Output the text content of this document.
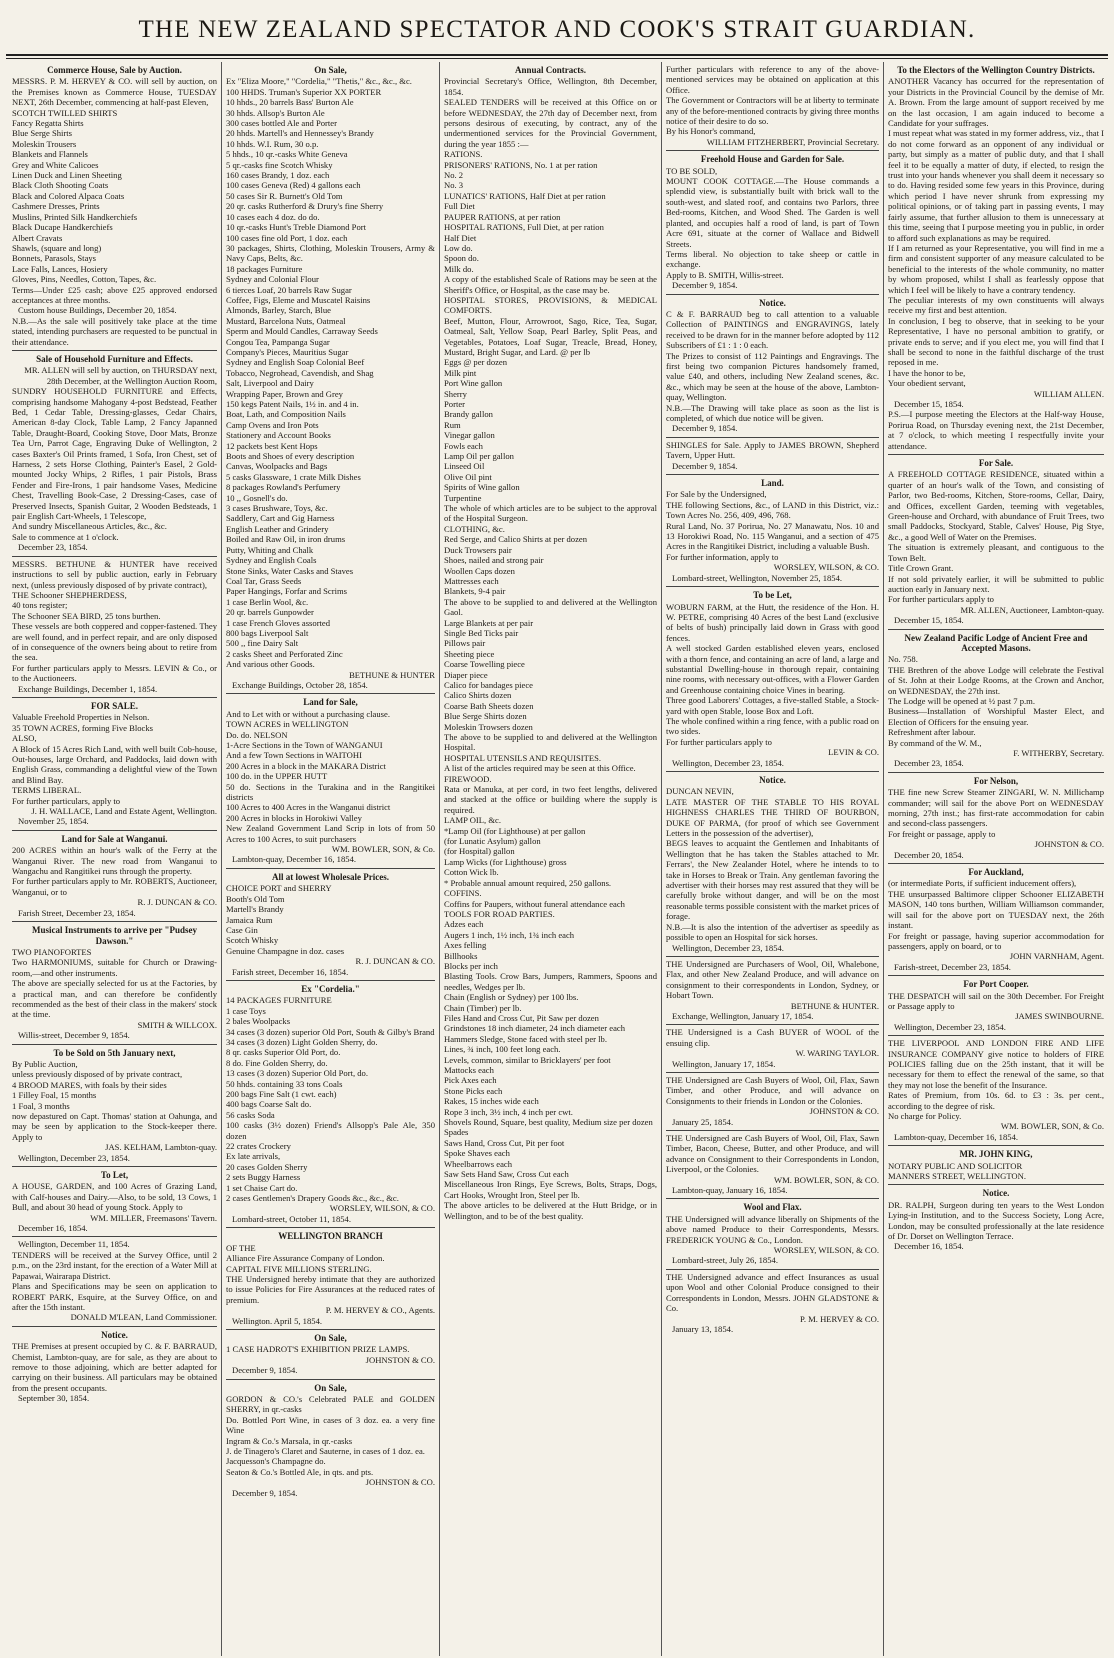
THE NEW ZEALAND SPECTATOR AND COOK'S STRAIT GUARDIAN.
Commerce House, Sale by Auction.

MESSRS. P. M. HERVEY & CO. will sell by auction, on the Premises known as Commerce House, TUESDAY NEXT, 26th December, commencing at half-past Eleven,

SCOTCH TWILLED SHIRTS

Fancy Regatta Shirts

Blue Serge Shirts

Moleskin Trousers

Blankets and Flannels

Grey and White Calicoes

Linen Duck and Linen Sheeting

Black Cloth Shooting Coats

Black and Colored Alpaca Coats

Cashmere Dresses, Prints

Muslins, Printed Silk Handkerchiefs

Black Ducape Handkerchiefs

Albert Cravats

Shawls, (square and long)

Bonnets, Parasols, Stays

Lace Falls, Lances, Hosiery

Gloves, Pins, Needles, Cotton, Tapes, &c.

Terms—Under £25 cash; above £25 approved endorsed acceptances at three months.

Custom house Buildings, December 20, 1854.

N.B.—As the sale will positively take place at the time stated, intending purchasers are requested to be punctual in their attendance.

Sale of Household Furniture and Effects.

MR. ALLEN will sell by auction, on THURSDAY next, 28th December, at the Wellington Auction Room,

SUNDRY HOUSEHOLD FURNITURE and Effects, comprising handsome Mahogany 4-post Bedstead, Feather Bed, 1 Cedar Table, Dressing-glasses, Cedar Chairs, American 8-day Clock, Table Lamp, 2 Fancy Japanned Table, Draught-Board, Cooking Stove, Door Mats, Bronze Tea Urn, Parrot Cage, Engraving Duke of Wellington, 2 cases Baxter's Oil Prints framed, 1 Sofa, Iron Chest, set of Harness, 2 sets Horse Clothing, Painter's Easel, 2 Gold-mounted Jocky Whips, 2 Rifles, 1 pair Pistols, Brass Fender and Fire-Irons, 1 pair handsome Vases, Medicine Chest, Travelling Book-Case, 2 Dressing-Cases, case of Preserved Insects, Spanish Guitar, 2 Wooden Bedsteads, 1 pair English Cart-Wheels, 1 Telescope,

And sundry Miscellaneous Articles, &c., &c.

Sale to commence at 1 o'clock.

December 23, 1854.

MESSRS. BETHUNE & HUNTER have received instructions to sell by public auction, early in February next, (unless previously disposed of by private contract),

THE Schooner SHEPHERDESS,

40 tons register;

The Schooner SEA BIRD, 25 tons burthen.

These vessels are both coppered and copper-fastened. They are well found, and in perfect repair, and are only disposed of in consequence of the owners being about to retire from the sea.

For further particulars apply to Messrs. LEVIN & Co., or to the Auctioneers.

Exchange Buildings, December 1, 1854.

FOR SALE.

Valuable Freehold Properties in Nelson.

35 TOWN ACRES, forming Five Blocks

ALSO,

A Block of 15 Acres Rich Land, with well built Cob-house, Out-houses, large Orchard, and Paddocks, laid down with English Grass, commanding a delightful view of the Town and Blind Bay.

TERMS LIBERAL.

For further particulars, apply to

J. H. WALLACE, Land and Estate Agent, Wellington.

November 25, 1854.

Land for Sale at Wanganui.

200 ACRES within an hour's walk of the Ferry at the Wanganui River. The new road from Wanganui to Wangachu and Rangitikei runs through the property.

For further particulars apply to Mr. ROBERTS, Auctioneer, Wanganui, or to

R. J. DUNCAN & CO.

Farish Street, December 23, 1854.

Musical Instruments to arrive per "Pudsey Dawson."

TWO PIANOFORTES

Two HARMONIUMS, suitable for Church or Drawing-room,—and other instruments.

The above are specially selected for us at the Factories, by a practical man, and can therefore be confidently recommended as the best of their class in the makers' stock at the time.

SMITH & WILLCOX.

Willis-street, December 9, 1854.

To be Sold on 5th January next,

By Public Auction,

unless previously disposed of by private contract,

4 BROOD MARES, with foals by their sides

1 Filley Foal, 15 months

1 Foal, 3 months

now depastured on Capt. Thomas' station at Oahunga, and may be seen by application to the Stock-keeper there. Apply to

JAS. KELHAM, Lambton-quay.

Wellington, December 23, 1854.

To Let,

A HOUSE, GARDEN, and 100 Acres of Grazing Land, with Calf-houses and Dairy.—Also, to be sold, 13 Cows, 1 Bull, and about 30 head of young Stock. Apply to

WM. MILLER, Freemasons' Tavern.

December 16, 1854.

Wellington, December 11, 1854.

TENDERS will be received at the Survey Office, until 2 p.m., on the 23rd instant, for the erection of a Water Mill at Papawai, Wairarapa District.

Plans and Specifications may be seen on application to ROBERT PARK, Esquire, at the Survey Office, on and after the 15th instant.

DONALD M'LEAN, Land Commissioner.

Notice.

THE Premises at present occupied by C. & F. BARRAUD, Chemist, Lambton-quay, are for sale, as they are about to remove to those adjoining, which are better adapted for carrying on their business. All particulars may be obtained from the present occupants.

September 30, 1854.

On Sale,

Ex "Eliza Moore," "Cordelia," "Thetis," &c., &c., &c.

100 HHDS. Truman's Superior XX PORTER

10 hhds., 20 barrels Bass' Burton Ale

30 hhds. Allsop's Burton Ale

300 cases bottled Ale and Porter

20 hhds. Martell's and Hennessey's Brandy

10 hhds. W.I. Rum, 30 o.p.

5 hhds., 10 qr.-casks White Geneva

5 qr.-casks fine Scotch Whisky

160 cases Brandy, 1 doz. each

100 cases Geneva (Red) 4 gallons each

50 cases Sir R. Burnett's Old Tom

20 qr. casks Rutherford & Drury's fine Sherry

10 cases each 4 doz. do do.

10 qr.-casks Hunt's Treble Diamond Port

100 cases fine old Port, 1 doz. each

30 packages, Shirts, Clothing, Moleskin Trousers, Army & Navy Caps, Belts, &c.

18 packages Furniture

Sydney and Colonial Flour

6 tierces Loaf, 20 barrels Raw Sugar

Coffee, Figs, Eleme and Muscatel Raisins

Almonds, Barley, Starch, Blue

Mustard, Barcelona Nuts, Oatmeal

Sperm and Mould Candles, Carraway Seeds

Congou Tea, Pampanga Sugar

Company's Pieces, Mauritius Sugar

Sydney and English Soap Colonial Beef

Tobacco, Negrohead, Cavendish, and Shag

Salt, Liverpool and Dairy

Wrapping Paper, Brown and Grey

150 kegs Patent Nails, 1½ in. and 4 in.

Boat, Lath, and Composition Nails

Camp Ovens and Iron Pots

Stationery and Account Books

12 packets best Kent Hops

Boots and Shoes of every description

Canvas, Woolpacks and Bags

5 casks Glassware, 1 crate Milk Dishes

8 packages Rowland's Perfumery

10 ,, Gosnell's do.

3 cases Brushware, Toys, &c.

Saddlery, Cart and Gig Harness

English Leather and Grindery

Boiled and Raw Oil, in iron drums

Putty, Whiting and Chalk

Sydney and English Coals

Stone Sinks, Water Casks and Staves

Coal Tar, Grass Seeds

Paper Hangings, Forfar and Scrims

1 case Berlin Wool, &c.

20 qr. barrels Gunpowder

1 case French Gloves assorted

800 bags Liverpool Salt

500 ,, fine Dairy Salt

2 casks Sheet and Perforated Zinc

And various other Goods.

BETHUNE & HUNTER

Exchange Buildings, October 28, 1854.

Land for Sale,

And to Let with or without a purchasing clause.

TOWN ACRES in WELLINGTON

Do. do. NELSON

1-Acre Sections in the Town of WANGANUI

And a few Town Sections in WAITOHI

200 Acres in a block in the MAKARA District

100 do. in the UPPER HUTT

50 do. Sections in the Turakina and in the Rangitikei districts

100 Acres to 400 Acres in the Wanganui district

200 Acres in blocks in Horokiwi Valley

New Zealand Government Land Scrip in lots of from 50 Acres to 100 Acres, to suit purchasers

WM. BOWLER, SON, & Co.

Lambton-quay, December 16, 1854.

All at lowest Wholesale Prices.

CHOICE PORT and SHERRY

Booth's Old Tom

Martell's Brandy

Jamaica Rum

Case Gin

Scotch Whisky

Genuine Champagne in doz. cases

R. J. DUNCAN & CO.

Farish street, December 16, 1854.

Ex "Cordelia."

14 PACKAGES FURNITURE

1 case Toys

2 bales Woolpacks

34 cases (3 dozen) superior Old Port, South & Gilby's Brand

34 cases (3 dozen) Light Golden Sherry, do.

8 qr. casks Superior Old Port, do.

8 do. Fine Golden Sherry, do.

13 cases (3 dozen) Superior Old Port, do.

50 hhds. containing 33 tons Coals

200 bags Fine Salt (1 cwt. each)

400 bags Coarse Salt do.

56 casks Soda

100 casks (3½ dozen) Friend's Allsopp's Pale Ale, 350 dozen

22 crates Crockery

Ex late arrivals,

20 cases Golden Sherry

2 sets Buggy Harness

1 set Chaise Cart do.

2 cases Gentlemen's Drapery Goods &c., &c., &c.

WORSLEY, WILSON, & CO.

Lombard-street, October 11, 1854.

WELLINGTON BRANCH

OF THE

Alliance Fire Assurance Company of London.

CAPITAL FIVE MILLIONS STERLING.

THE Undersigned hereby intimate that they are authorized to issue Policies for Fire Assurances at the reduced rates of premium.

P. M. HERVEY & CO., Agents.

Wellington. April 5, 1854.

On Sale,

1 CASE HADROT'S EXHIBITION PRIZE LAMPS.

JOHNSTON & CO.

December 9, 1854.

On Sale,

GORDON & CO.'s Celebrated PALE and GOLDEN SHERRY, in qr.-casks

Do. Bottled Port Wine, in cases of 3 doz. ea. a very fine Wine

Ingram & Co.'s Marsala, in qr.-casks

J. de Tinagero's Claret and Sauterne, in cases of 1 doz. ea.

Jacquesson's Champagne do.

Seaton & Co.'s Bottled Ale, in qts. and pts.

JOHNSTON & CO.

December 9, 1854.

Annual Contracts.

Provincial Secretary's Office, Wellington, 8th December, 1854.

SEALED TENDERS will be received at this Office on or before WEDNESDAY, the 27th day of December next, from persons desirous of executing, by contract, any of the undermentioned services for the Provincial Government, during the year 1855 :—

RATIONS.

PRISONERS' RATIONS, No. 1 at per ration

No. 2

No. 3

LUNATICS' RATIONS, Half Diet at per ration

Full Diet

PAUPER RATIONS, at per ration

HOSPITAL RATIONS, Full Diet, at per ration

Half Diet

Low do.

Spoon do.

Milk do.

A copy of the established Scale of Rations may be seen at the Sheriff's Office, or Hospital, as the case may be.

HOSPITAL STORES, PROVISIONS, & MEDICAL COMFORTS.

Beef, Mutton, Flour, Arrowroot, Sago, Rice, Tea, Sugar, Oatmeal, Salt, Yellow Soap, Pearl Barley, Split Peas, and Vegetables, Potatoes, Loaf Sugar, Treacle, Bread, Honey, Mustard, Bright Sugar, and Lard. @ per lb

Eggs @ per dozen

Milk pint

Port Wine gallon

Sherry

Porter

Brandy gallon

Rum

Vinegar gallon

Fowls each

Lamp Oil per gallon

Linseed Oil

Olive Oil pint

Spirits of Wine gallon

Turpentine

The whole of which articles are to be subject to the approval of the Hospital Surgeon.

CLOTHING, &c.

Red Serge, and Calico Shirts at per dozen

Duck Trowsers pair

Shoes, nailed and strong pair

Woollen Caps dozen

Mattresses each

Blankets, 9-4 pair

The above to be supplied to and delivered at the Wellington Gaol.

Large Blankets at per pair

Single Bed Ticks pair

Pillows pair

Sheeting piece

Coarse Towelling piece

Diaper piece

Calico for bandages piece

Calico Shirts dozen

Coarse Bath Sheets dozen

Blue Serge Shirts dozen

Moleskin Trowsers dozen

The above to be supplied to and delivered at the Wellington Hospital.

HOSPITAL UTENSILS AND REQUISITES.

A list of the articles required may be seen at this Office.

FIREWOOD.

Rata or Manuka, at per cord, in two feet lengths, delivered and stacked at the office or building where the supply is required.

LAMP OIL, &c.

*Lamp Oil (for Lighthouse) at per gallon

(for Lunatic Asylum) gallon

(for Hospital) gallon

Lamp Wicks (for Lighthouse) gross

Cotton Wick lb.

* Probable annual amount required, 250 gallons.

COFFINS.

Coffins for Paupers, without funeral attendance each

TOOLS FOR ROAD PARTIES.

Adzes each

Augers 1 inch, 1½ inch, 1¾ inch each

Axes felling

Billhooks

Blocks per inch

Blasting Tools. Crow Bars, Jumpers, Rammers, Spoons and needles, Wedges per lb.

Chain (English or Sydney) per 100 lbs.

Chain (Timber) per lb.

Files Hand and Cross Cut, Pit Saw per dozen

Grindstones 18 inch diameter, 24 inch diameter each

Hammers Sledge, Stone faced with steel per lb.

Lines, ¾ inch, 100 feet long each.

Levels, common, similar to Bricklayers' per foot

Mattocks each

Pick Axes each

Stone Picks each

Rakes, 15 inches wide each

Rope 3 inch, 3½ inch, 4 inch per cwt.

Shovels Round, Square, best quality, Medium size per dozen

Spades

Saws Hand, Cross Cut, Pit per foot

Spoke Shaves each

Wheelbarrows each

Saw Sets Hand Saw, Cross Cut each

Miscellaneous Iron Rings, Eye Screws, Bolts, Straps, Dogs, Cart Hooks, Wrought Iron, Steel per lb.

The above articles to be delivered at the Hutt Bridge, or in Wellington, and to be of the best quality.

Further particulars with reference to any of the above-mentioned services may be obtained on application at this Office.

The Government or Contractors will be at liberty to terminate any of the before-mentioned contracts by giving three months notice of their desire to do so.

By his Honor's command,

WILLIAM FITZHERBERT, Provincial Secretary.

Freehold House and Garden for Sale.

TO BE SOLD,

MOUNT COOK COTTAGE.—The House commands a splendid view, is substantially built with brick wall to the south-west, and slated roof, and contains two Parlors, three Bed-rooms, Kitchen, and Wood Shed. The Garden is well planted, and occupies half a rood of land, is part of Town Acre 691, situate at the corner of Wallace and Bidwell Streets.

Terms liberal. No objection to take sheep or cattle in exchange.

Apply to B. SMITH, Willis-street.

December 9, 1854.

Notice.

C & F. BARRAUD beg to call attention to a valuable Collection of PAINTINGS and ENGRAVINGS, lately received to be drawn for in the manner before adopted by 112 Subscribers of £1 : 1 : 0 each.

The Prizes to consist of 112 Paintings and Engravings. The first being two companion Pictures handsomely framed, value £40, and others, including New Zealand scenes, &c. &c., which may be seen at the house of the above, Lambton-quay, Wellington.

N.B.—The Drawing will take place as soon as the list is completed, of which due notice will be given.

December 9, 1854.

SHINGLES for Sale. Apply to JAMES BROWN, Shepherd Tavern, Upper Hutt.

December 9, 1854.

Land.

For Sale by the Undersigned,

THE following Sections, &c., of LAND in this District, viz.: Town Acres No. 256, 409, 496, 768.

Rural Land, No. 37 Porirua, No. 27 Manawatu, Nos. 10 and 13 Horokiwi Road, No. 115 Wanganui, and a section of 475 Acres in the Rangitikei District, including a valuable Bush.

For further information, apply to

WORSLEY, WILSON, & CO.

Lombard-street, Wellington, November 25, 1854.

To be Let,

WOBURN FARM, at the Hutt, the residence of the Hon. H. W. PETRE, comprising 40 Acres of the best Land (exclusive of belts of bush) principally laid down in Grass with good fences.

A well stocked Garden established eleven years, enclosed with a thorn fence, and containing an acre of land, a large and substantial Dwelling-house in thorough repair, containing nine rooms, with necessary out-offices, with a Flower Garden and Greenhouse containing choice Vines in bearing.

Three good Laborers' Cottages, a five-stalled Stable, a Stock-yard with open Stable, loose Box and Loft.

The whole confined within a ring fence, with a public road on two sides.

For further particulars apply to

LEVIN & CO.

Wellington, December 23, 1854.

Notice.

DUNCAN NEVIN,

LATE MASTER OF THE STABLE TO HIS ROYAL HIGHNESS CHARLES THE THIRD OF BOURBON, DUKE OF PARMA, (for proof of which see Government Letters in the possession of the advertiser),

BEGS leaves to acquaint the Gentlemen and Inhabitants of Wellington that he has taken the Stables attached to Mr. Ferrars', the New Zealander Hotel, where he intends to to take in Horses to Break or Train. Any gentleman favoring the advertiser with their horses may rest assured that they will be carefully broke without danger, and will be on the most reasonable terms possible consistent with the market prices of forage.

N.B.—It is also the intention of the advertiser as speedily as possible to open an Hospital for sick horses.

Wellington, December 23, 1854.

THE Undersigned are Purchasers of Wool, Oil, Whalebone, Flax, and other New Zealand Produce, and will advance on consignment to their correspondents in London, Sydney, or Hobart Town.

BETHUNE & HUNTER.

Exchange, Wellington, January 17, 1854.

THE Undersigned is a Cash BUYER of WOOL of the ensuing clip.

W. WARING TAYLOR.

Wellington, January 17, 1854.

THE Undersigned are Cash Buyers of Wool, Oil, Flax, Sawn Timber, and other Produce, and will advance on Consignments to their friends in London or the Colonies.

JOHNSTON & CO.

January 25, 1854.

THE Undersigned are Cash Buyers of Wool, Oil, Flax, Sawn Timber, Bacon, Cheese, Butter, and other Produce, and will advance on Consignment to their Correspondents in London, Liverpool, or the Colonies.

WM. BOWLER, SON, & CO.

Lambton-quay, January 16, 1854.

Wool and Flax.

THE Undersigned will advance liberally on Shipments of the above named Produce to their Correspondents, Messrs. FREDERICK YOUNG & Co., London.

WORSLEY, WILSON, & CO.

Lombard-street, July 26, 1854.

THE Undersigned advance and effect Insurances as usual upon Wool and other Colonial Produce consigned to their Correspondents in London, Messrs. JOHN GLADSTONE & Co.

P. M. HERVEY & CO.

January 13, 1854.

To the Electors of the Wellington Country Districts.

ANOTHER Vacancy has occurred for the representation of your Districts in the Provincial Council by the demise of Mr. A. Brown. From the large amount of support received by me on the last occasion, I am again induced to become a Candidate for your suffrages.

I must repeat what was stated in my former address, viz., that I do not come forward as an opponent of any individual or party, but simply as a matter of public duty, and that I shall feel it to be equally a matter of duty, if elected, to resign the trust into your hands whenever you shall deem it necessary so to do. Having resided some few years in this Province, during which period I have never shrunk from expressing my political opinions, or of taking part in passing events, I may fairly assume, that further allusion to them is unnecessary at this time, seeing that I purpose meeting you in public, in order to afford such explanations as may be required.

If I am returned as your Representative, you will find in me a firm and consistent supporter of any measure calculated to be beneficial to the interests of the whole community, no matter by whom proposed, whilst I shall as fearlessly oppose that which I feel will be likely to have a contrary tendency.

The peculiar interests of my own constituents will always receive my first and best attention.

In conclusion, I beg to observe, that in seeking to be your Representative, I have no personal ambition to gratify, or private ends to serve; and if you elect me, you will find that I shall be second to none in the faithful discharge of the trust reposed in me.

I have the honor to be,

Your obedient servant,

WILLIAM ALLEN.

December 15, 1854.

P.S.—I purpose meeting the Electors at the Half-way House, Porirua Road, on Thursday evening next, the 21st December, at 7 o'clock, to which meeting I respectfully invite your attendance.

For Sale.

A FREEHOLD COTTAGE RESIDENCE, situated within a quarter of an hour's walk of the Town, and consisting of Parlor, two Bed-rooms, Kitchen, Store-rooms, Cellar, Dairy, and Offices, excellent Garden, teeming with vegetables, Green-house and Orchard, with abundance of Fruit Trees, two small Paddocks, Stockyard, Stable, Calves' House, Pig Stye, &c., a good Well of Water on the Premises.

The situation is extremely pleasant, and contiguous to the Town Belt.

Title Crown Grant.

If not sold privately earlier, it will be submitted to public auction early in January next.

For further particulars apply to

MR. ALLEN, Auctioneer, Lambton-quay.

December 15, 1854.

New Zealand Pacific Lodge of Ancient Free and Accepted Masons.

No. 758.

THE Brethren of the above Lodge will celebrate the Festival of St. John at their Lodge Rooms, at the Crown and Anchor, on WEDNESDAY, the 27th inst.

The Lodge will be opened at ½ past 7 p.m.

Business—Installation of Worshipful Master Elect, and Election of Officers for the ensuing year.

Refreshment after labour.

By command of the W. M.,

F. WITHERBY, Secretary.

December 23, 1854.

For Nelson,

THE fine new Screw Steamer ZINGARI, W. N. Millichamp commander; will sail for the above Port on WEDNESDAY morning, 27th inst.; has first-rate accommodation for cabin and second-class passengers.

For freight or passage, apply to

JOHNSTON & CO.

December 20, 1854.

For Auckland,

(or intermediate Ports, if sufficient inducement offers),

THE unsurpassed Baltimore clipper Schooner ELIZABETH MASON, 140 tons burthen, William Williamson commander, will sail for the above port on TUESDAY next, the 26th instant.

For freight or passage, having superior accommodation for passengers, apply on board, or to

JOHN VARNHAM, Agent.

Farish-street, December 23, 1854.

For Port Cooper.

THE DESPATCH will sail on the 30th December. For Freight or Passage apply to

JAMES SWINBOURNE.

Wellington, December 23, 1854.

THE LIVERPOOL AND LONDON FIRE AND LIFE INSURANCE COMPANY give notice to holders of FIRE POLICIES falling due on the 25th instant, that it will be necessary for them to effect the renewal of the same, so that they may not lose the benefit of the Insurance.

Rates of Premium, from 10s. 6d. to £3 : 3s. per cent., according to the degree of risk.

No charge for Policy.

WM. BOWLER, SON, & Co.

Lambton-quay, December 16, 1854.

MR. JOHN KING,

NOTARY PUBLIC AND SOLICITOR

MANNERS STREET, WELLINGTON.

Notice.

DR. RALPH, Surgeon during ten years to the West London Lying-in Institution, and to the Success Society, Long Acre, London, may be consulted professionally at the late residence of Dr. Dorset on Wellington Terrace.

December 16, 1854.
